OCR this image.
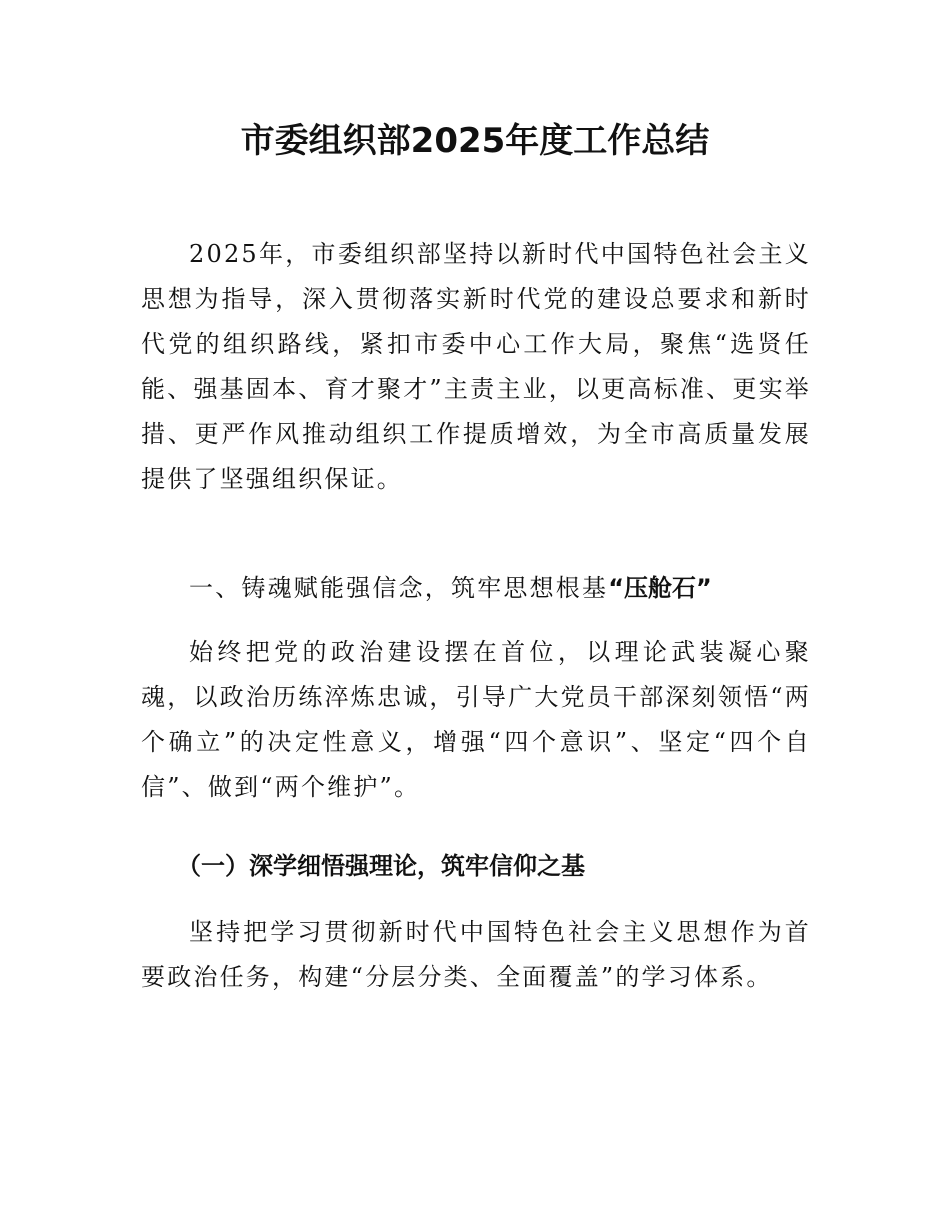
市委组织部2025年度工作总结

2025年，市委组织部坚持以新时代中国特色社会主义思想为指导，深入贯彻落实新时代党的建设总要求和新时代党的组织路线，紧扣市委中心工作大局，聚焦“选贤任能、强基固本、育才聚才”主责主业，以更高标准、更实举措、更严作风推动组织工作提质增效，为全市高质量发展提供了坚强组织保证。

一、铸魂赋能强信念，筑牢思想根基“压舱石”

始终把党的政治建设摆在首位，以理论武装凝心聚魂，以政治历练淬炼忠诚，引导广大党员干部深刻领悟“两个确立”的决定性意义，增强“四个意识”、坚定“四个自信”、做到“两个维护”。

（一）深学细悟强理论，筑牢信仰之基

坚持把学习贯彻新时代中国特色社会主义思想作为首要政治任务，构建“分层分类、全面覆盖”的学习体系。
